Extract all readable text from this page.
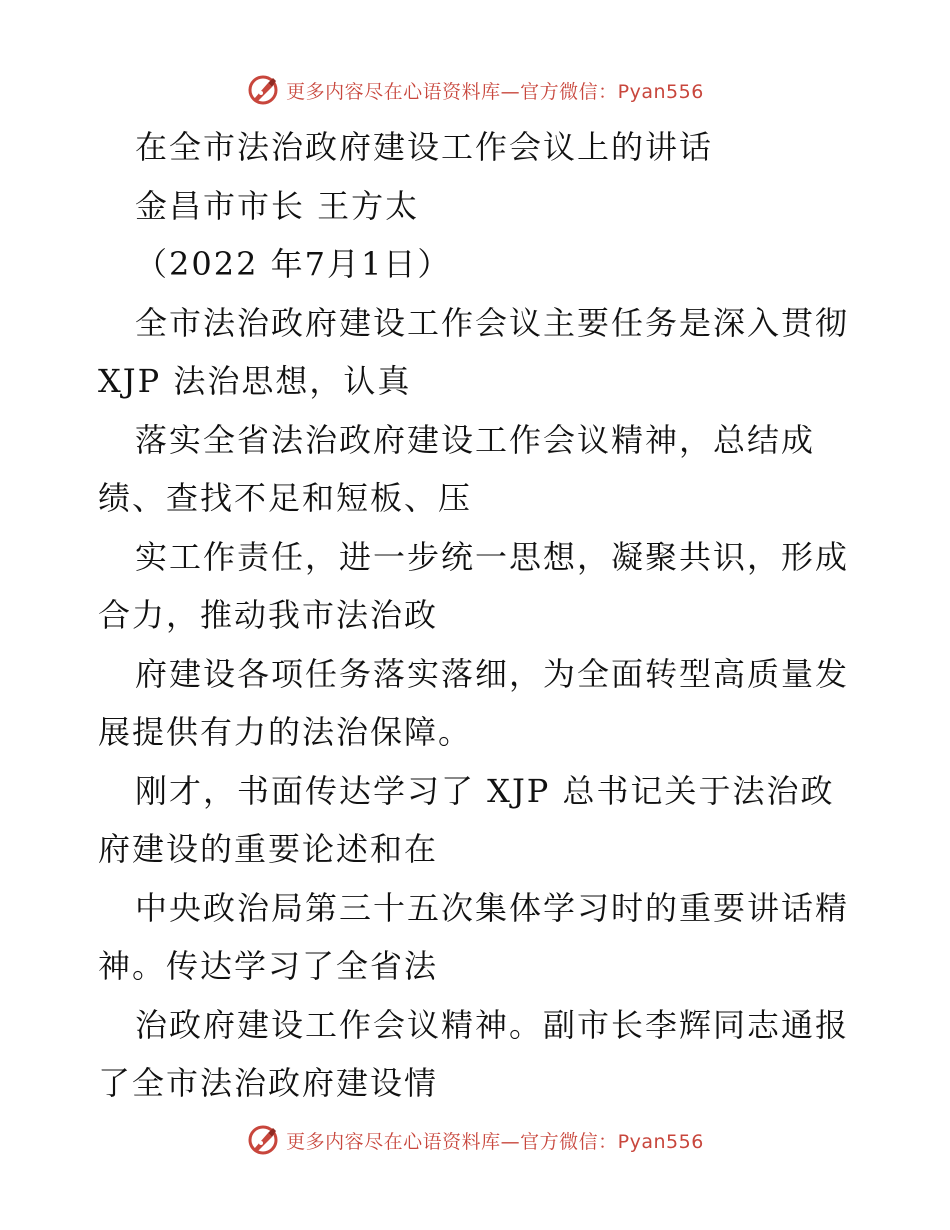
更多内容尽在心语资料库—官方微信：Pyan556
在全市法治政府建设工作会议上的讲话
金昌市市长 王方太
（2022 年7月1日）
全市法治政府建设工作会议主要任务是深入贯彻
XJP 法治思想，认真
落实全省法治政府建设工作会议精神，总结成
绩、查找不足和短板、压
实工作责任，进一步统一思想，凝聚共识，形成
合力，推动我市法治政
府建设各项任务落实落细，为全面转型高质量发
展提供有力的法治保障。
刚才，书面传达学习了 XJP 总书记关于法治政
府建设的重要论述和在
中央政治局第三十五次集体学习时的重要讲话精
神。传达学习了全省法
治政府建设工作会议精神。副市长李辉同志通报
了全市法治政府建设情
更多内容尽在心语资料库—官方微信：Pyan556
